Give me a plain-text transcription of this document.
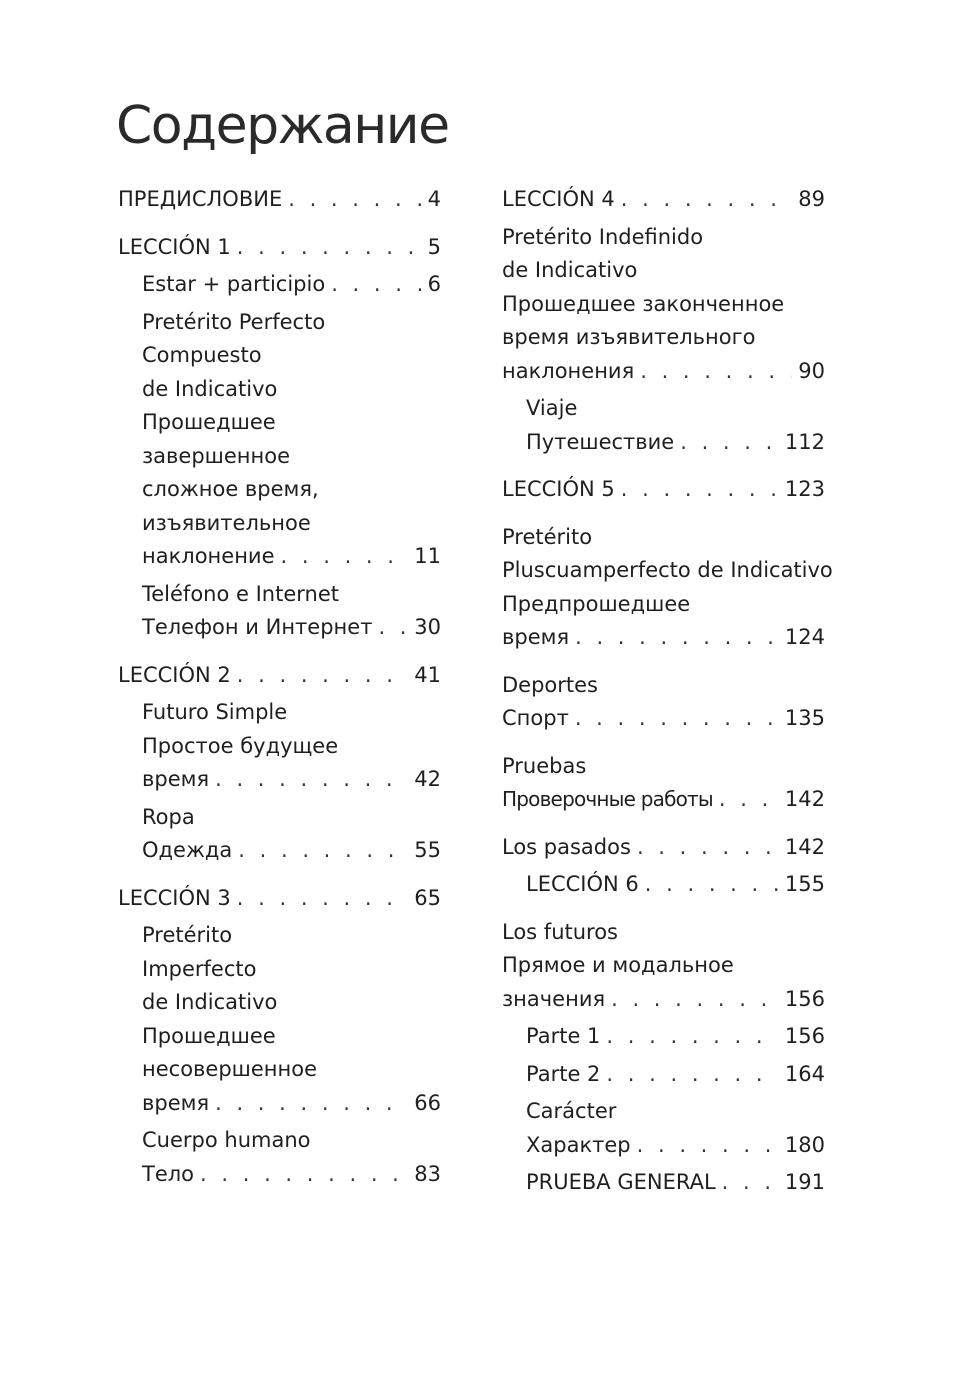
Содержание
ПРЕДИСЛОВИЕ . . .	4
LECCIÓN 1 . . .	5
Estar + participio . . .	6
Pretérito Perfecto
Compuesto
de Indicativo
Прошедшее
завершенное
сложное время,
изъявительное
наклонение . . .	11
Teléfono e Internet
Телефон и Интернет . . . 30
LECCIÓN 2 . . .	41
Futuro Simple
Простое будущее
время . . .	42
Ropa
Одежда . . .	55
LECCIÓN 3 . . .	65
Pretérito
Imperfecto
de Indicativo
Прошедшее
несовершенное
время . . .	66
Cuerpo humano
Тело . . .	83
LECCIÓN 4 . . .	89
Pretérito Indefinido
de Indicativo
Прошедшее законченное
время изъявительного
наклонения . . .	90
Viaje
Путешествие . . .	112
LECCIÓN 5 . . .	123
Pretérito
Pluscuamperfecto de Indicativo
Предпрошедшее
время . . .	124
Deportes
Спорт . . .	135
Pruebas
Проверочные работы . . .	142
Los pasados . . .	142
LECCIÓN 6 . . .	155
Los futuros
Прямое и модальное
значения . . .	156
Parte 1 . . .	156
Parte 2 . . .	164
Carácter
Характер . . .	180
PRUEBA GENERAL . . .	191
